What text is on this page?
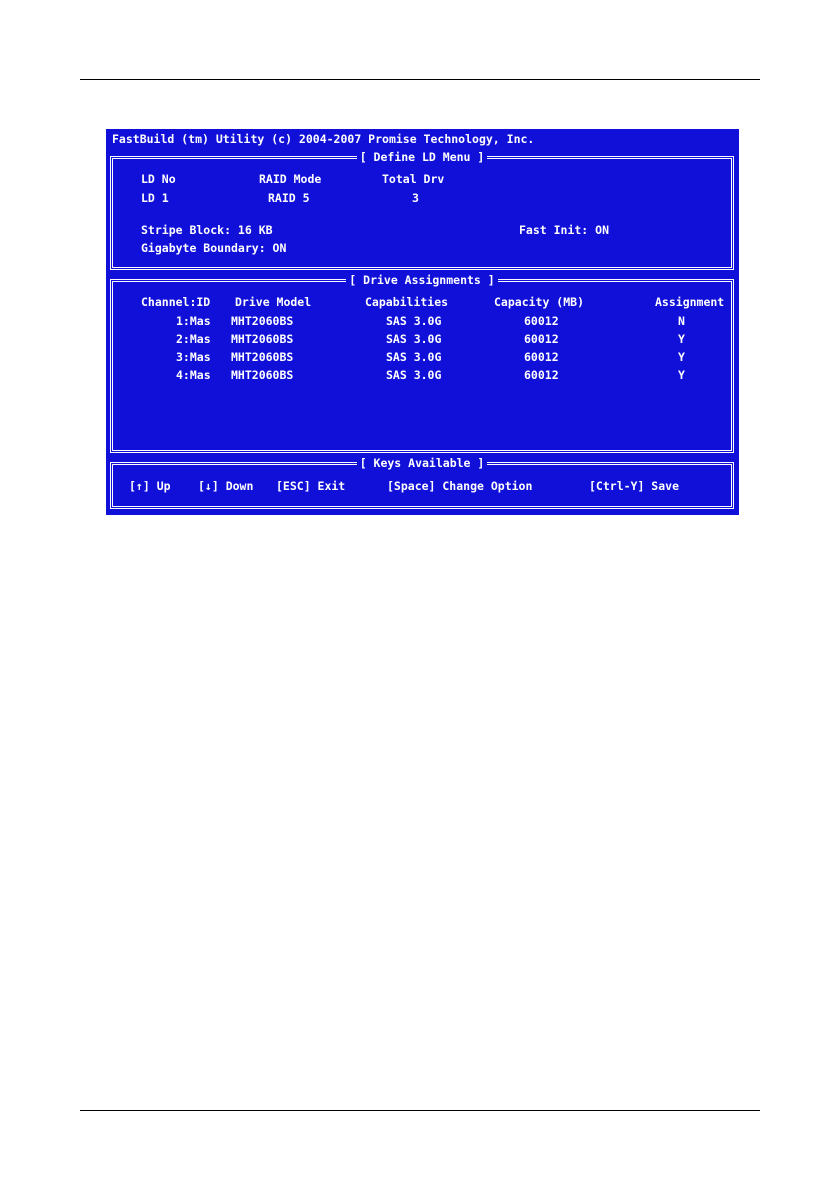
FastBuild (tm) Utility (c) 2004-2007 Promise Technology, Inc.
[ Define LD Menu ]
LD No	RAID Mode	Total Drv
LD 1	RAID 5	3
Stripe Block: 16 KB	Fast Init: ON
Gigabyte Boundary: ON
[ Drive Assignments ]
Channel:ID Drive Model	Capabilities	Capacity (MB)	Assignment
1:Mas MHT2060BS	SAS 3.0G	60012	N
2:Mas MHT2060BS	SAS 3.0G	60012	Y
3:Mas MHT2060BS	SAS 3.0G	60012	Y
4:Mas MHT2060BS	SAS 3.0G	60012	Y
[ Keys Available ]
[↑] Up [↓] Down [ESC] Exit	[Space] Change Option	[Ctrl-Y] Save
